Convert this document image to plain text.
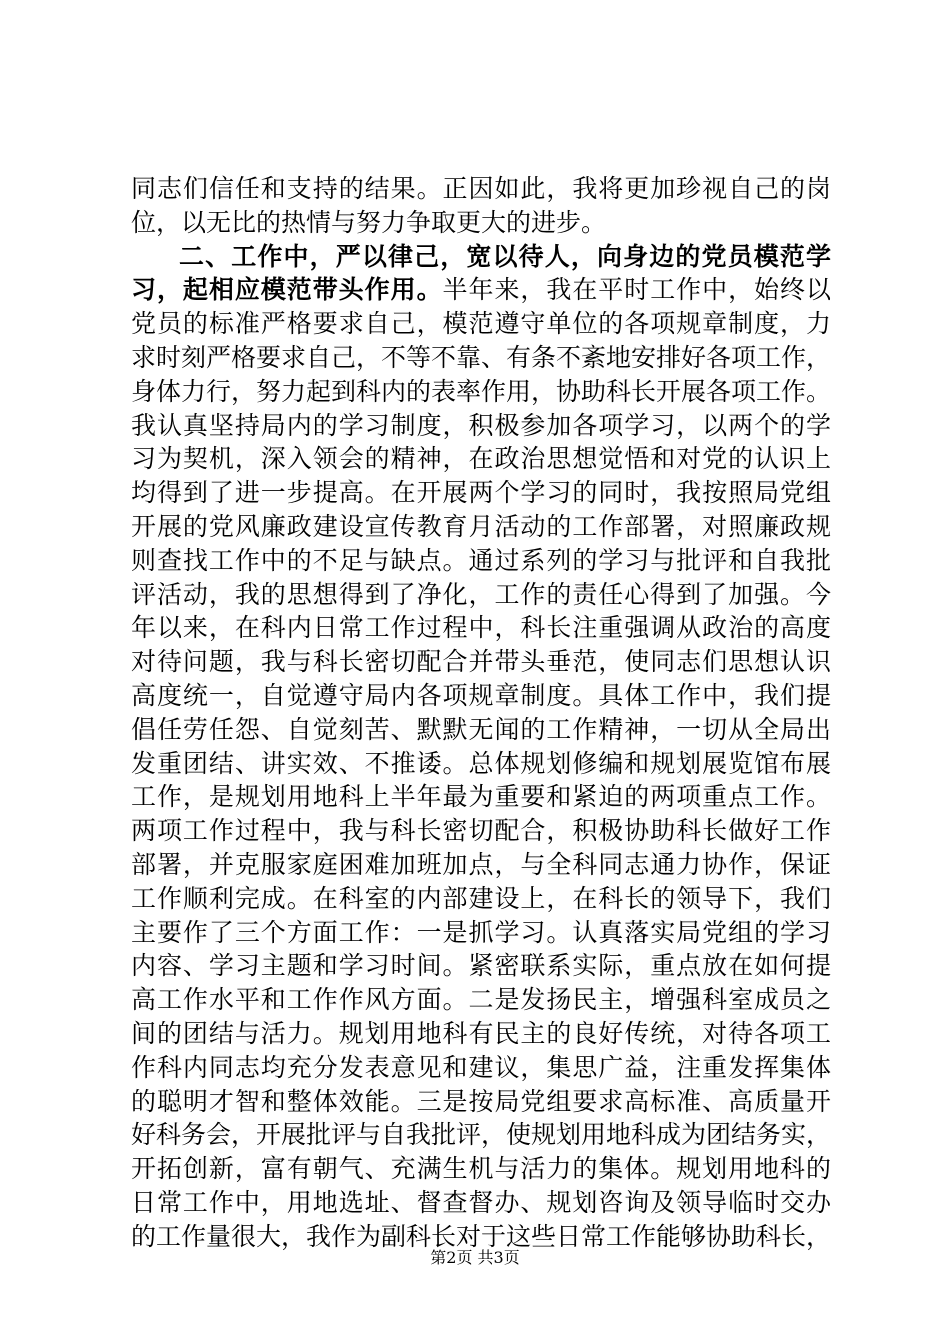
同志们信任和支持的结果。正因如此，我将更加珍视自己的岗
位，以无比的热情与努力争取更大的进步。
二、工作中，严以律己，宽以待人，向身边的党员模范学
习，起相应模范带头作用。半年来，我在平时工作中，始终以
党员的标准严格要求自己，模范遵守单位的各项规章制度，力
求时刻严格要求自己，不等不靠、有条不紊地安排好各项工作，
身体力行，努力起到科内的表率作用，协助科长开展各项工作。
我认真坚持局内的学习制度，积极参加各项学习，以两个的学
习为契机，深入领会的精神，在政治思想觉悟和对党的认识上
均得到了进一步提高。在开展两个学习的同时，我按照局党组
开展的党风廉政建设宣传教育月活动的工作部署，对照廉政规
则查找工作中的不足与缺点。通过系列的学习与批评和自我批
评活动，我的思想得到了净化，工作的责任心得到了加强。今
年以来，在科内日常工作过程中，科长注重强调从政治的高度
对待问题，我与科长密切配合并带头垂范，使同志们思想认识
高度统一，自觉遵守局内各项规章制度。具体工作中，我们提
倡任劳任怨、自觉刻苦、默默无闻的工作精神，一切从全局出
发重团结、讲实效、不推诿。总体规划修编和规划展览馆布展
工作，是规划用地科上半年最为重要和紧迫的两项重点工作。
两项工作过程中，我与科长密切配合，积极协助科长做好工作
部署，并克服家庭困难加班加点，与全科同志通力协作，保证
工作顺利完成。在科室的内部建设上，在科长的领导下，我们
主要作了三个方面工作：一是抓学习。认真落实局党组的学习
内容、学习主题和学习时间。紧密联系实际，重点放在如何提
高工作水平和工作作风方面。二是发扬民主，增强科室成员之
间的团结与活力。规划用地科有民主的良好传统，对待各项工
作科内同志均充分发表意见和建议，集思广益，注重发挥集体
的聪明才智和整体效能。三是按局党组要求高标准、高质量开
好科务会，开展批评与自我批评，使规划用地科成为团结务实，
开拓创新，富有朝气、充满生机与活力的集体。规划用地科的
日常工作中，用地选址、督查督办、规划咨询及领导临时交办
的工作量很大，我作为副科长对于这些日常工作能够协助科长，
第2页 共3页
